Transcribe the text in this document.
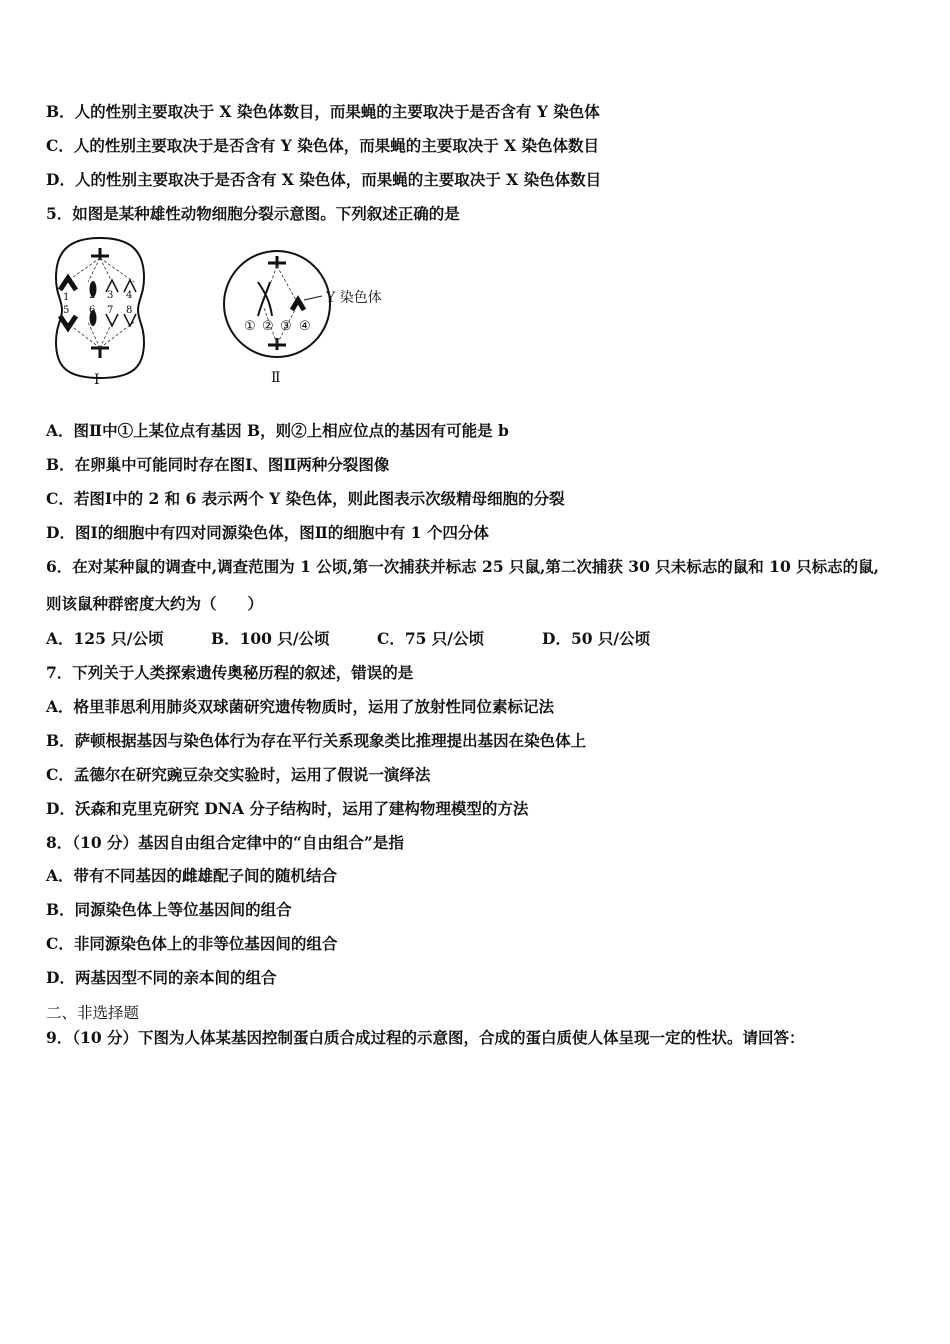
B．人的性别主要取决于 X 染色体数目，而果蝇的主要取决于是否含有 Y 染色体
C．人的性别主要取决于是否含有 Y 染色体，而果蝇的主要取决于 X 染色体数目
D．人的性别主要取决于是否含有 X 染色体，而果蝇的主要取决于 X 染色体数目
5．如图是某种雄性动物细胞分裂示意图。下列叙述正确的是
1 2 3 4
5 6 7 8
Ⅰ
Y 染色体
① ② ③ ④
Ⅱ
A．图Ⅱ中①上某位点有基因 B，则②上相应位点的基因有可能是 b
B．在卵巢中可能同时存在图Ⅰ、图Ⅱ两种分裂图像
C．若图Ⅰ中的 2 和 6 表示两个 Y 染色体，则此图表示次级精母细胞的分裂
D．图Ⅰ的细胞中有四对同源染色体，图Ⅱ的细胞中有 1 个四分体
6．在对某种鼠的调查中,调查范围为 1 公顷,第一次捕获并标志 25 只鼠,第二次捕获 30 只未标志的鼠和 10 只标志的鼠,
则该鼠种群密度大约为（　　）
A．125 只/公顷	B．100 只/公顷	C．75 只/公顷	D．50 只/公顷
7．下列关于人类探索遗传奥秘历程的叙述，错误的是
A．格里菲思利用肺炎双球菌研究遗传物质时，运用了放射性同位素标记法
B．萨顿根据基因与染色体行为存在平行关系现象类比推理提出基因在染色体上
C．孟德尔在研究豌豆杂交实验时，运用了假说一演绎法
D．沃森和克里克研究 DNA 分子结构时，运用了建构物理模型的方法
8．（10 分）基因自由组合定律中的“自由组合”是指
A．带有不同基因的雌雄配子间的随机结合
B．同源染色体上等位基因间的组合
C．非同源染色体上的非等位基因间的组合
D．两基因型不同的亲本间的组合
二、非选择题
9．（10 分）下图为人体某基因控制蛋白质合成过程的示意图，合成的蛋白质使人体呈现一定的性状。请回答：
